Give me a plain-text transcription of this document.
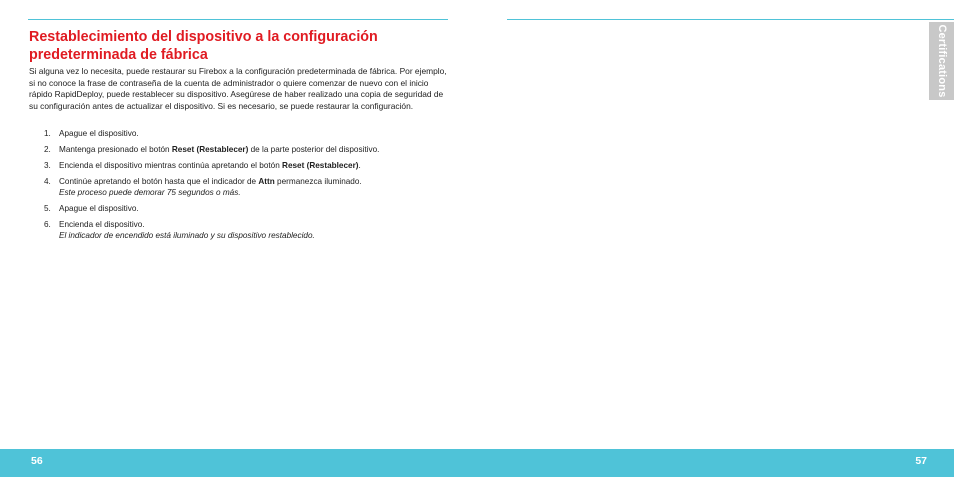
Restablecimiento del dispositivo a la configuración predeterminada de fábrica

Si alguna vez lo necesita, puede restaurar su Firebox a la configuración predeterminada de fábrica. Por ejemplo, si no conoce la frase de contraseña de la cuenta de administrador o quiere comenzar de nuevo con el inicio rápido RapidDeploy, puede restablecer su dispositivo. Asegúrese de haber realizado una copia de seguridad de su configuración antes de actualizar el dispositivo. Si es necesario, se puede restaurar la configuración.

1. Apague el dispositivo.
2. Mantenga presionado el botón Reset (Restablecer) de la parte posterior del dispositivo.
3. Encienda el dispositivo mientras continúa apretando el botón Reset (Restablecer).
4. Continúe apretando el botón hasta que el indicador de Attn permanezca iluminado.
Este proceso puede demorar 75 segundos o más.
5. Apague el dispositivo.
6. Encienda el dispositivo.
El indicador de encendido está iluminado y su dispositivo restablecido.
Certifications
56	57
